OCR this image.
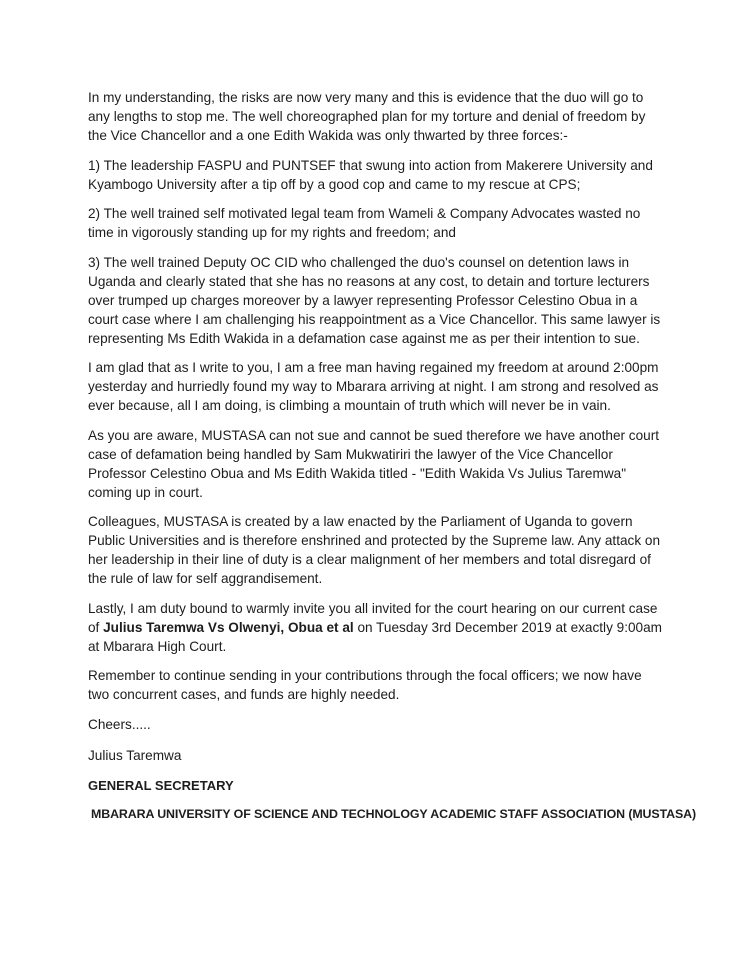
In my understanding, the risks are now very many and this is evidence that the duo will go to any lengths to stop me. The well choreographed plan for my torture and denial of freedom by the Vice Chancellor and a one Edith Wakida was only thwarted by three forces:-

1) The leadership FASPU and PUNTSEF that swung into action from Makerere University and Kyambogo University after a tip off by a good cop and came to my rescue at CPS;

2) The well trained self motivated legal team from Wameli & Company Advocates wasted no time in vigorously standing up for my rights and freedom; and

3) The well trained Deputy OC CID who challenged the duo's counsel on detention laws in Uganda and clearly stated that she has no reasons at any cost, to detain and torture lecturers over trumped up charges moreover by a lawyer representing Professor Celestino Obua in a court case where I am challenging his reappointment as a Vice Chancellor. This same lawyer is representing Ms Edith Wakida in a defamation case against me as per their intention to sue.

I am glad that as I write to you, I am a free man having regained my freedom at around 2:00pm yesterday and hurriedly found my way to Mbarara arriving at night. I am strong and resolved as ever because, all I am doing, is climbing a mountain of truth which will never be in vain.

As you are aware, MUSTASA can not sue and cannot be sued therefore we have another court case of defamation being handled by Sam Mukwatiriri the lawyer of the Vice Chancellor Professor Celestino Obua and Ms Edith Wakida titled - "Edith Wakida Vs Julius Taremwa" coming up in court.

Colleagues, MUSTASA is created by a law enacted by the Parliament of Uganda to govern Public Universities and is therefore enshrined and protected by the Supreme law. Any attack on her leadership in their line of duty is a clear malignment of her members and total disregard of the rule of law for self aggrandisement.

Lastly, I am duty bound to warmly invite you all invited for the court hearing on our current case of Julius Taremwa Vs Olwenyi, Obua et al on Tuesday 3rd December 2019 at exactly 9:00am at Mbarara High Court.

Remember to continue sending in your contributions through the focal officers; we now have two concurrent cases, and funds are highly needed.

Cheers.....

Julius Taremwa

GENERAL SECRETARY

MBARARA UNIVERSITY OF SCIENCE AND TECHNOLOGY ACADEMIC STAFF ASSOCIATION (MUSTASA)
